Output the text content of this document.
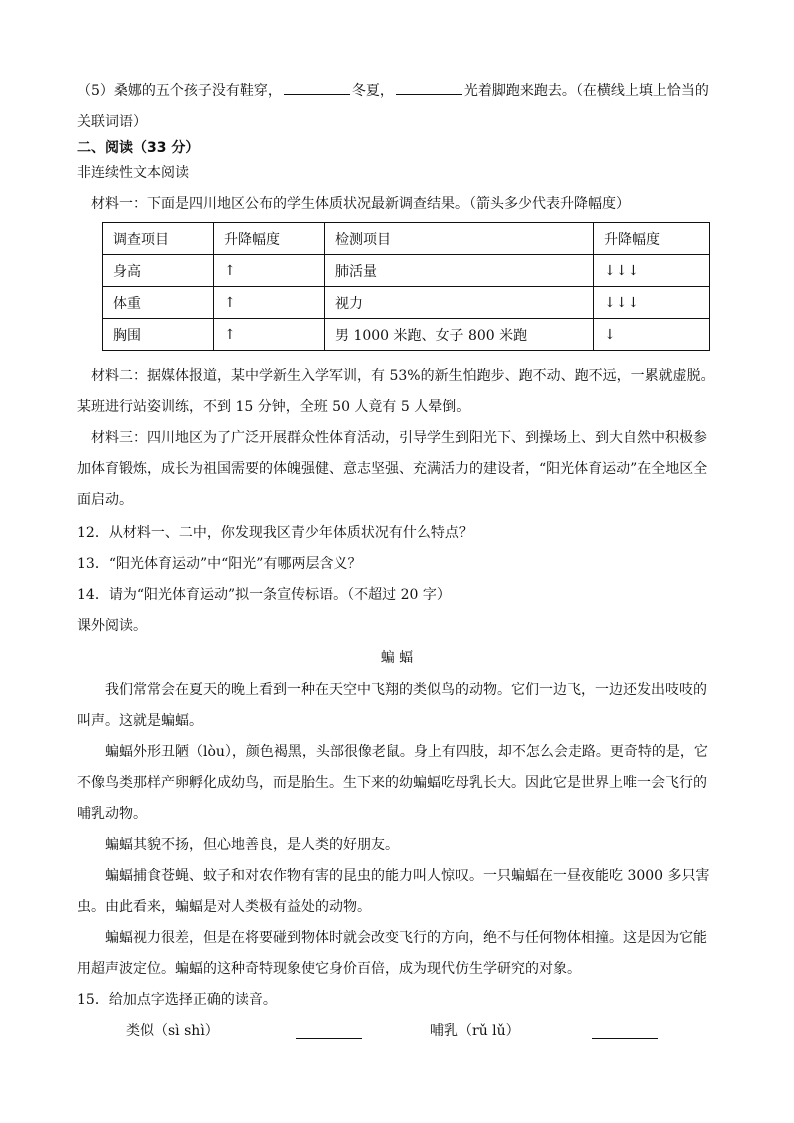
（5）桑娜的五个孩子没有鞋穿，	冬夏，	光着脚跑来跑去。（在横线上填上恰当的
关联词语）
二、阅读（33 分）
非连续性文本阅读
材料一：下面是四川地区公布的学生体质状况最新调查结果。（箭头多少代表升降幅度）
调查项目	升降幅度	检测项目	升降幅度
身高	↑	肺活量	↓↓↓
体重	↑	视力	↓↓↓
胸围	↑	男 1000 米跑、女子 800 米跑	↓
材料二：据媒体报道，某中学新生入学军训，有 53%的新生怕跑步、跑不动、跑不远，一累就虚脱。
某班进行站姿训练，不到 15 分钟，全班 50 人竟有 5 人晕倒。
材料三：四川地区为了广泛开展群众性体育活动，引导学生到阳光下、到操场上、到大自然中积极参
加体育锻炼，成长为祖国需要的体魄强健、意志坚强、充满活力的建设者，“阳光体育运动”在全地区全
面启动。
12．从材料一、二中，你发现我区青少年体质状况有什么特点？
13．“阳光体育运动”中“阳光”有哪两层含义？
14．请为“阳光体育运动”拟一条宣传标语。（不超过 20 字）
课外阅读。
蝙 蝠
我们常常会在夏天的晚上看到一种在天空中飞翔的类似鸟的动物。它们一边飞，一边还发出吱吱的
叫声。这就是蝙蝠。
蝙蝠外形丑陋（lòu），颜色褐黑，头部很像老鼠。身上有四肢，却不怎么会走路。更奇特的是，它
不像鸟类那样产卵孵化成幼鸟，而是胎生。生下来的幼蝙蝠吃母乳长大。因此它是世界上唯一会飞行的
哺乳动物。
蝙蝠其貌不扬，但心地善良，是人类的好朋友。
蝙蝠捕食苍蝇、蚊子和对农作物有害的昆虫的能力叫人惊叹。一只蝙蝠在一昼夜能吃 3000 多只害
虫。由此看来，蝙蝠是对人类极有益处的动物。
蝙蝠视力很差，但是在将要碰到物体时就会改变飞行的方向，绝不与任何物体相撞。这是因为它能
用超声波定位。蝙蝠的这种奇特现象使它身价百倍，成为现代仿生学研究的对象。
15．给加点字选择正确的读音。
类似（sì shì）	哺乳（rǔ lǔ）
